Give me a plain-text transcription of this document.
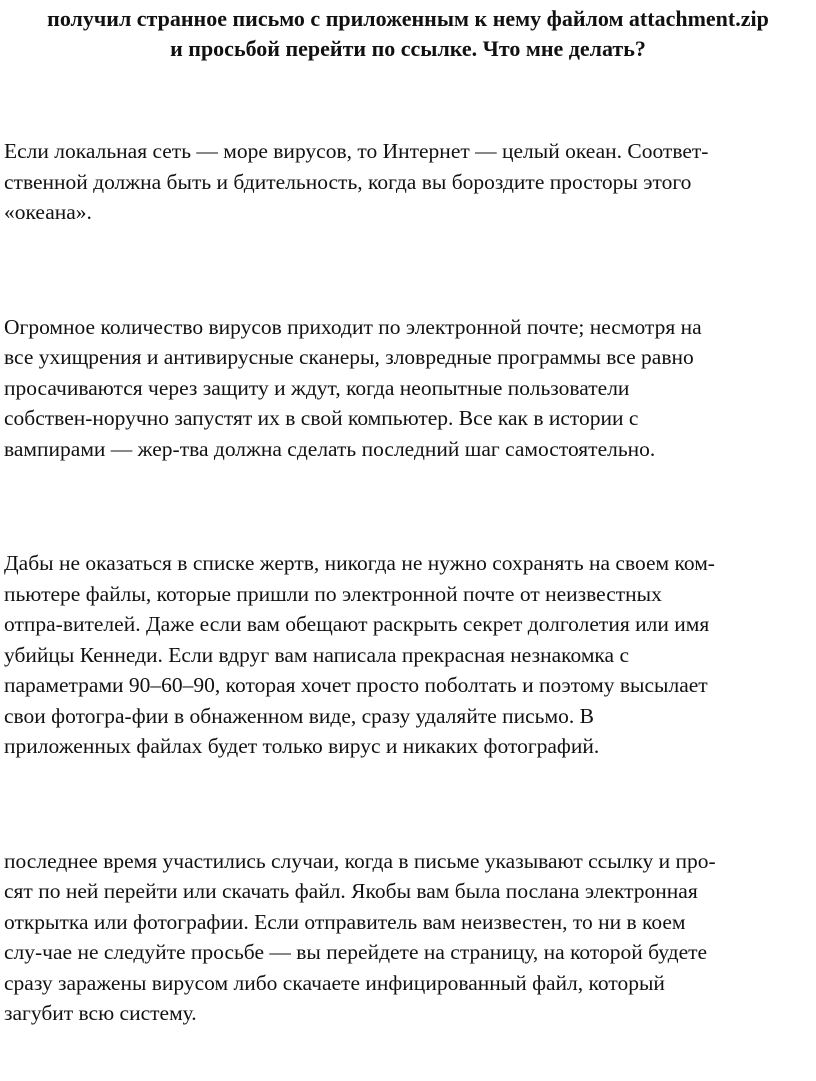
получил странное письмо с приложенным к нему файлом attachment.zip
и просьбой перейти по ссылке. Что мне делать?

Если локальная сеть — море вирусов, то Интернет — целый океан. Соответ-
ственной должна быть и бдительность, когда вы бороздите просторы этого
«океана».

Огромное количество вирусов приходит по электронной почте; несмотря на
все ухищрения и антивирусные сканеры, зловредные программы все равно
просачиваются через защиту и ждут, когда неопытные пользователи
собствен-норучно запустят их в свой компьютер. Все как в истории с
вампирами — жер-тва должна сделать последний шаг самостоятельно.

Дабы не оказаться в списке жертв, никогда не нужно сохранять на своем ком-
пьютере файлы, которые пришли по электронной почте от неизвестных
отпра-вителей. Даже если вам обещают раскрыть секрет долголетия или имя
убийцы Кеннеди. Если вдруг вам написала прекрасная незнакомка с
параметрами 90–60–90, которая хочет просто поболтать и поэтому высылает
свои фотогра-фии в обнаженном виде, сразу удаляйте письмо. В
приложенных файлах будет только вирус и никаких фотографий.

последнее время участились случаи, когда в письме указывают ссылку и про-
сят по ней перейти или скачать файл. Якобы вам была послана электронная
открытка или фотографии. Если отправитель вам неизвестен, то ни в коем
слу-чае не следуйте просьбе — вы перейдете на страницу, на которой будете
сразу заражены вирусом либо скачаете инфицированный файл, который
загубит всю систему.
